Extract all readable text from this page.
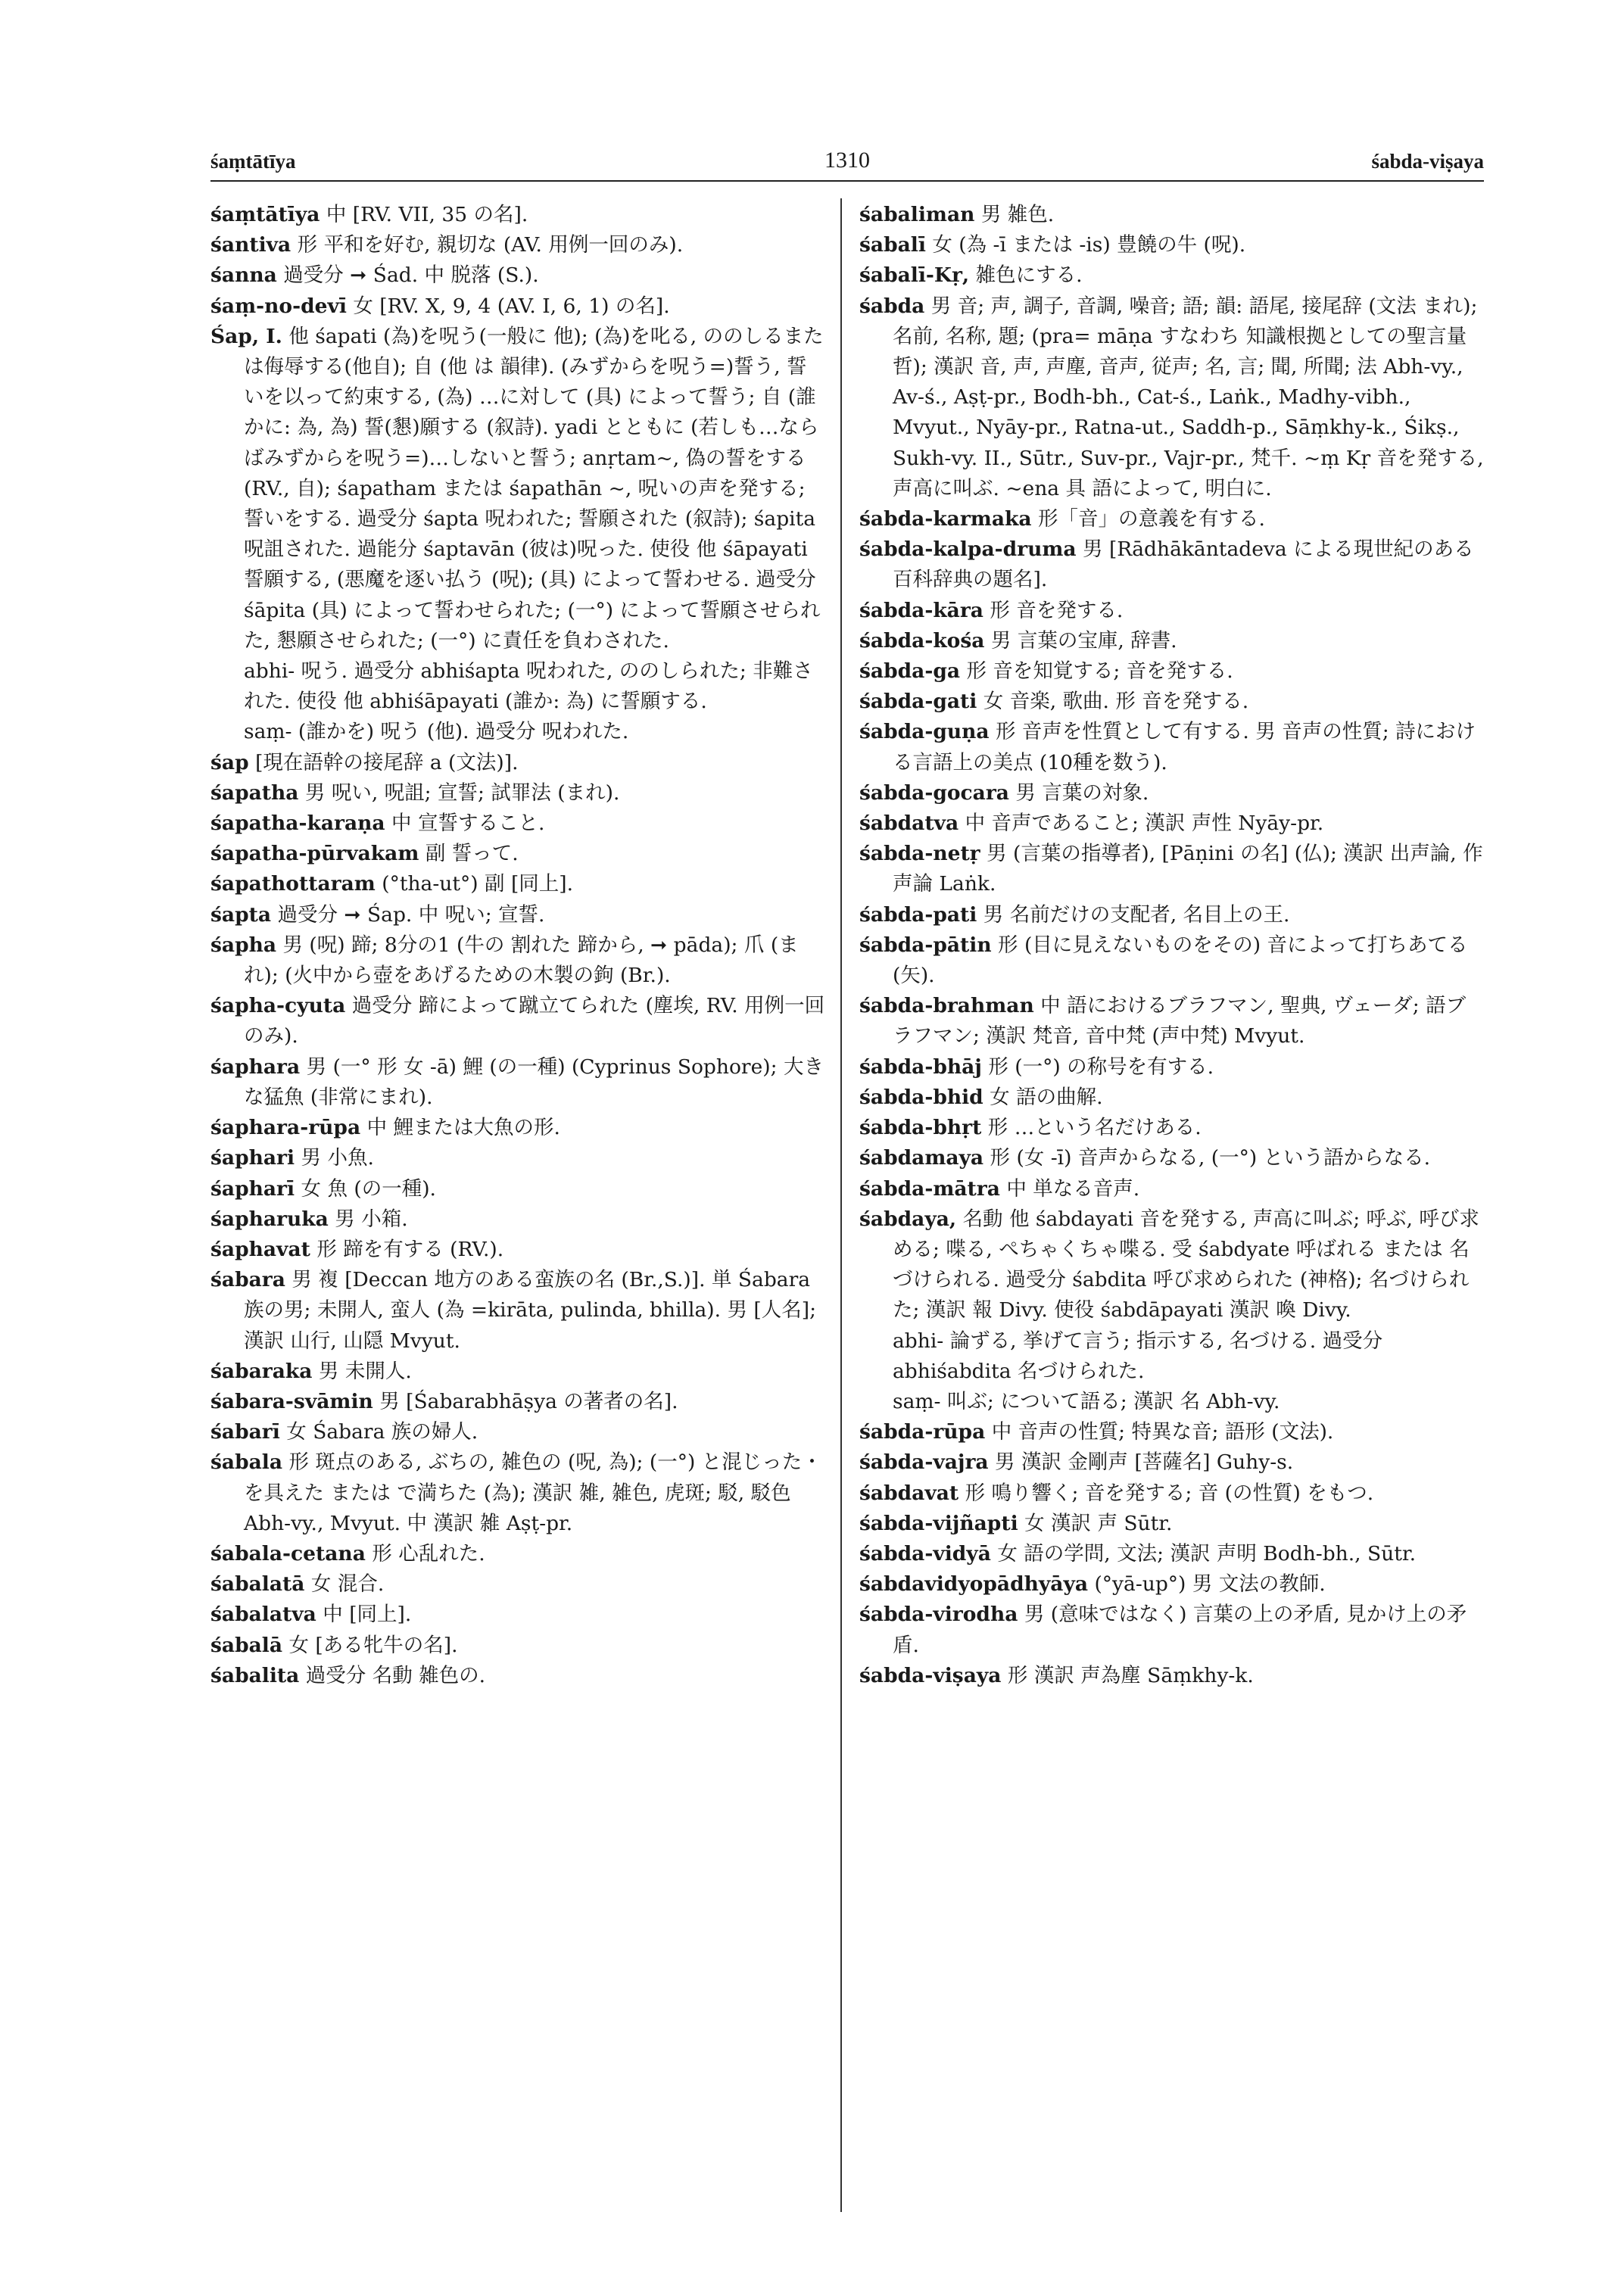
śaṃtātīya	1310	śabda-viṣaya

śaṃtātīya 中 [RV. VII, 35 の名].

śantiva 形 平和を好む, 親切な (AV. 用例一回のみ).

śanna 過受分 ➞ Śad. 中 脱落 (S.).

śaṃ-no-devī 女 [RV. X, 9, 4 (AV. I, 6, 1) の名].

Śap, I. 他 śapati (為)を呪う(一般に 他); (為)を叱る, ののしるまたは侮辱する(他自); 自 (他 は 韻律). (みずからを呪う=)誓う, 誓いを以って約束する, (為) …に対して (具) によって誓う; 自 (誰かに: 為, 為) 誓(懇)願する (叙詩). yadi とともに (若しも…ならばみずからを呪う=)…しないと誓う; anṛtam~, 偽の誓をする (RV., 自); śapatham または śapathān ~, 呪いの声を発する; 誓いをする. 過受分 śapta 呪われた; 誓願された (叙詩); śapita 呪詛された. 過能分 śaptavān (彼は)呪った. 使役 他 śāpayati 誓願する, (悪魔を逐い払う (呪); (具) によって誓わせる. 過受分 śāpita (具) によって誓わせられた; (一°) によって誓願させられた, 懇願させられた; (一°) に責任を負わされた.

abhi- 呪う. 過受分 abhiśapta 呪われた, ののしられた; 非難された. 使役 他 abhiśāpayati (誰か: 為) に誓願する.

saṃ- (誰かを) 呪う (他). 過受分 呪われた.

śap [現在語幹の接尾辞 a (文法)].

śapatha 男 呪い, 呪詛; 宣誓; 試罪法 (まれ).

śapatha-karaṇa 中 宣誓すること.

śapatha-pūrvakam 副 誓って.

śapathottaram (°tha-ut°) 副 [同上].

śapta 過受分 ➞ Śap. 中 呪い; 宣誓.

śapha 男 (呪) 蹄; 8分の1 (牛の 割れた 蹄から, ➞ pāda); 爪 (まれ); (火中から壺をあげるための木製の鉤 (Br.).

śapha-cyuta 過受分 蹄によって蹴立てられた (塵埃, RV. 用例一回のみ).

śaphara 男 (一° 形 女 -ā) 鯉 (の一種) (Cyprinus Sophore); 大きな猛魚 (非常にまれ).

śaphara-rūpa 中 鯉または大魚の形.

śaphari 男 小魚.

śapharī 女 魚 (の一種).

śapharuka 男 小箱.

śaphavat 形 蹄を有する (RV.).

śabara 男 複 [Deccan 地方のある蛮族の名 (Br.,S.)]. 単 Śabara 族の男; 未開人, 蛮人 (為 =kirāta, pulinda, bhilla). 男 [人名]; 漢訳 山行, 山隠 Mvyut.

śabaraka 男 未開人.

śabara-svāmin 男 [Śabarabhāṣya の著者の名].

śabarī 女 Śabara 族の婦人.

śabala 形 斑点のある, ぶちの, 雑色の (呪, 為); (一°) と混じった・を具えた または で満ちた (為); 漢訳 雑, 雑色, 虎斑; 駁, 駁色 Abh-vy., Mvyut. 中 漢訳 雑 Aṣṭ-pr.

śabala-cetana 形 心乱れた.

śabalatā 女 混合.

śabalatva 中 [同上].

śabalā 女 [ある牝牛の名].

śabalita 過受分 名動 雑色の.

śabaliman 男 雑色.

śabalī 女 (為 -ī または -is) 豊饒の牛 (呪).

śabalī-Kṛ, 雑色にする.

śabda 男 音; 声, 調子, 音調, 噪音; 語; 韻: 語尾, 接尾辞 (文法 まれ); 名前, 名称, 題; (pra= māṇa すなわち 知識根拠としての聖言量 哲); 漢訳 音, 声, 声塵, 音声, 従声; 名, 言; 聞, 所聞; 法 Abh-vy., Av-ś., Aṣṭ-pr., Bodh-bh., Cat-ś., Laṅk., Madhy-vibh., Mvyut., Nyāy-pr., Ratna-ut., Saddh-p., Sāṃkhy-k., Śikṣ., Sukh-vy. II., Sūtr., Suv-pr., Vajr-pr., 梵千. ~ṃ Kṛ 音を発する, 声高に叫ぶ. ~ena 具 語によって, 明白に.

śabda-karmaka 形「音」の意義を有する.

śabda-kalpa-druma 男 [Rādhākāntadeva による現世紀のある百科辞典の題名].

śabda-kāra 形 音を発する.

śabda-kośa 男 言葉の宝庫, 辞書.

śabda-ga 形 音を知覚する; 音を発する.

śabda-gati 女 音楽, 歌曲. 形 音を発する.

śabda-guṇa 形 音声を性質として有する. 男 音声の性質; 詩における言語上の美点 (10種を数う).

śabda-gocara 男 言葉の対象.

śabdatva 中 音声であること; 漢訳 声性 Nyāy-pr.

śabda-netṛ 男 (言葉の指導者), [Pāṇini の名] (仏); 漢訳 出声論, 作声論 Laṅk.

śabda-pati 男 名前だけの支配者, 名目上の王.

śabda-pātin 形 (目に見えないものをその) 音によって打ちあてる (矢).

śabda-brahman 中 語におけるブラフマン, 聖典, ヴェーダ; 語ブラフマン; 漢訳 梵音, 音中梵 (声中梵) Mvyut.

śabda-bhāj 形 (一°) の称号を有する.

śabda-bhid 女 語の曲解.

śabda-bhṛt 形 …という名だけある.

śabdamaya 形 (女 -ī) 音声からなる, (一°) という語からなる.

śabda-mātra 中 単なる音声.

śabdaya, 名動 他 śabdayati 音を発する, 声高に叫ぶ; 呼ぶ, 呼び求める; 喋る, ぺちゃくちゃ喋る. 受 śabdyate 呼ばれる または 名づけられる. 過受分 śabdita 呼び求められた (神格); 名づけられた; 漢訳 報 Divy. 使役 śabdāpayati 漢訳 喚 Divy.

abhi- 論ずる, 挙げて言う; 指示する, 名づける. 過受分 abhiśabdita 名づけられた.

saṃ- 叫ぶ; について語る; 漢訳 名 Abh-vy.

śabda-rūpa 中 音声の性質; 特異な音; 語形 (文法).

śabda-vajra 男 漢訳 金剛声 [菩薩名] Guhy-s.

śabdavat 形 鳴り響く; 音を発する; 音 (の性質) をもつ.

śabda-vijñapti 女 漢訳 声 Sūtr.

śabda-vidyā 女 語の学問, 文法; 漢訳 声明 Bodh-bh., Sūtr.

śabdavidyopādhyāya (°yā-up°) 男 文法の教師.

śabda-virodha 男 (意味ではなく) 言葉の上の矛盾, 見かけ上の矛盾.

śabda-viṣaya 形 漢訳 声為塵 Sāṃkhy-k.
